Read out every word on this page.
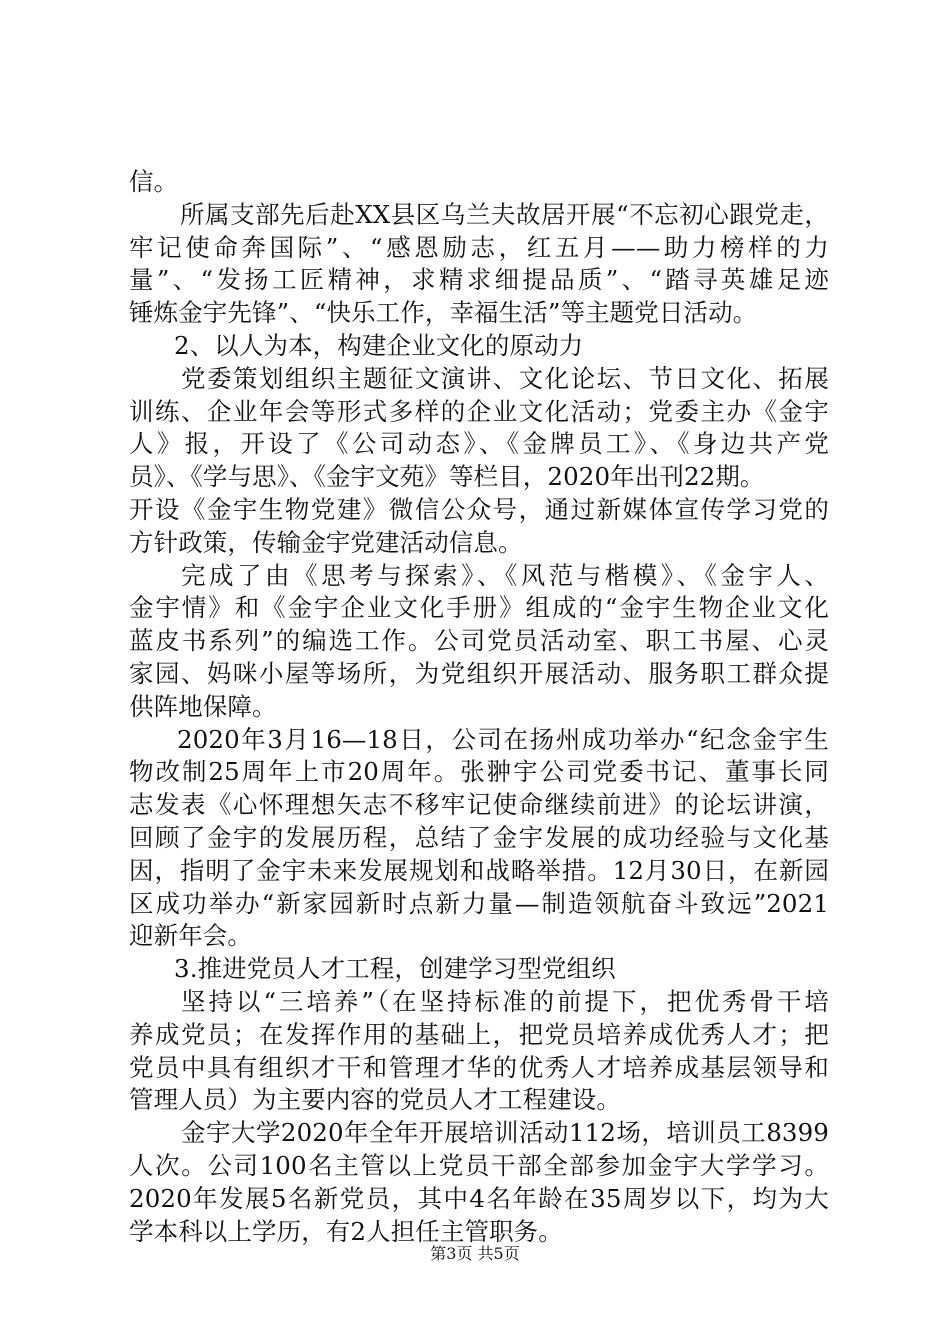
信。
所属支部先后赴XX县区乌兰夫故居开展“不忘初心跟党走，
牢记使命奔国际”、“感恩励志，红五月——助力榜样的力
量”、“发扬工匠精神，求精求细提品质”、“踏寻英雄足迹
锤炼金宇先锋”、“快乐工作，幸福生活”等主题党日活动。
2、以人为本，构建企业文化的原动力
党委策划组织主题征文演讲、文化论坛、节日文化、拓展
训练、企业年会等形式多样的企业文化活动；党委主办《金宇
人》报，开设了《公司动态》、《金牌员工》、《身边共产党
员》、《学与思》、《金宇文苑》等栏目，2020年出刊22期。
开设《金宇生物党建》微信公众号，通过新媒体宣传学习党的
方针政策，传输金宇党建活动信息。
完成了由《思考与探索》、《风范与楷模》、《金宇人、
金宇情》和《金宇企业文化手册》组成的“金宇生物企业文化
蓝皮书系列”的编选工作。公司党员活动室、职工书屋、心灵
家园、妈咪小屋等场所，为党组织开展活动、服务职工群众提
供阵地保障。
2020年3月16—18日，公司在扬州成功举办“纪念金宇生
物改制25周年上市20周年。张翀宇公司党委书记、董事长同
志发表《心怀理想矢志不移牢记使命继续前进》的论坛讲演，
回顾了金宇的发展历程，总结了金宇发展的成功经验与文化基
因，指明了金宇未来发展规划和战略举措。12月30日，在新园
区成功举办“新家园新时点新力量—制造领航奋斗致远”2021
迎新年会。
3.推进党员人才工程，创建学习型党组织
坚持以“三培养”（在坚持标准的前提下，把优秀骨干培
养成党员；在发挥作用的基础上，把党员培养成优秀人才；把
党员中具有组织才干和管理才华的优秀人才培养成基层领导和
管理人员）为主要内容的党员人才工程建设。
金宇大学2020年全年开展培训活动112场，培训员工8399
人次。公司100名主管以上党员干部全部参加金宇大学学习。
2020年发展5名新党员，其中4名年龄在35周岁以下，均为大
学本科以上学历，有2人担任主管职务。
第3页 共5页
